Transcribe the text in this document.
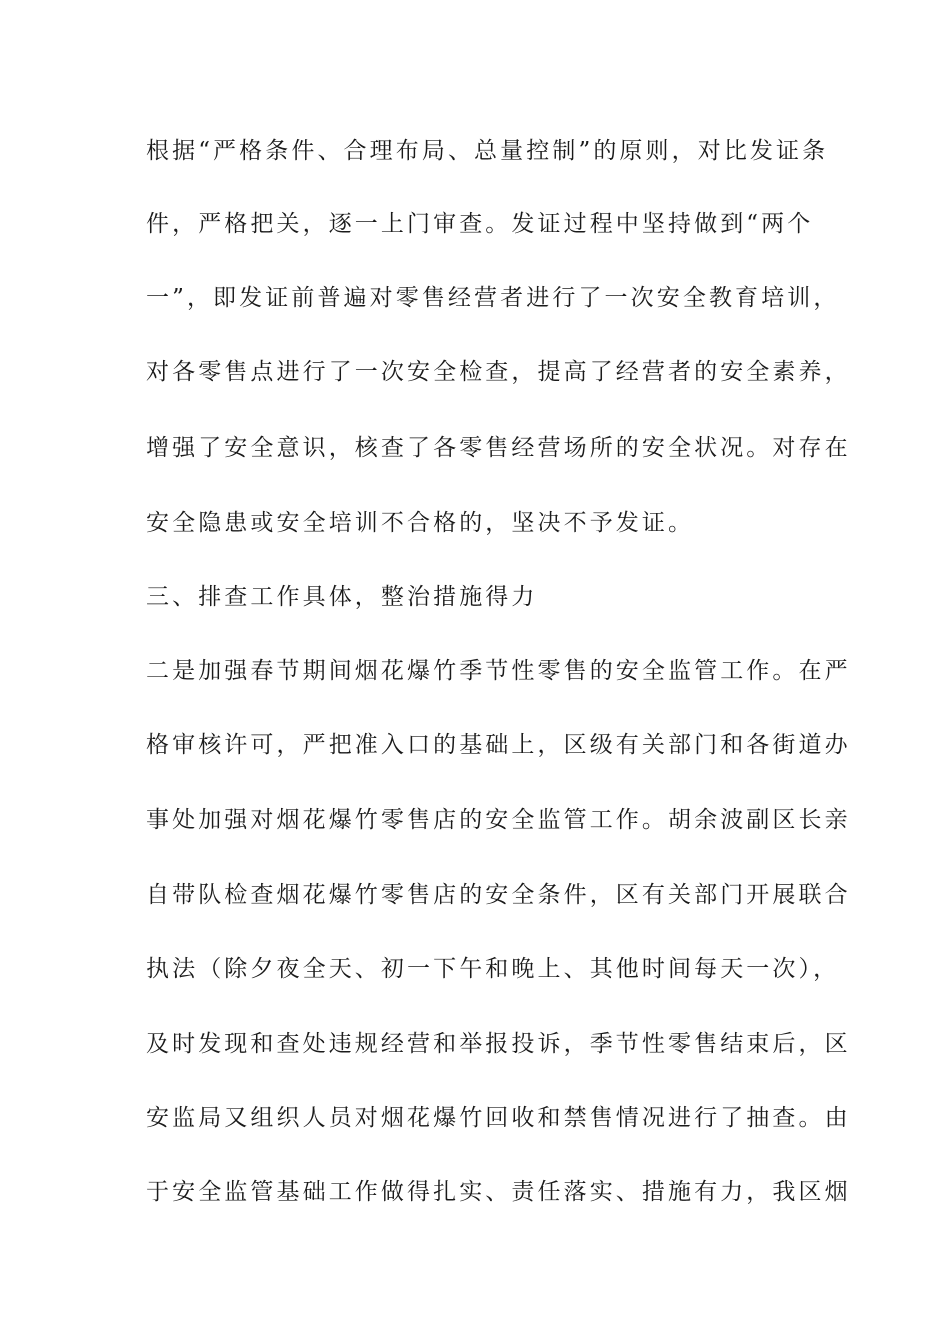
根据“严格条件、合理布局、总量控制”的原则，对比发证条
件，严格把关，逐一上门审查。发证过程中坚持做到“两个
一”，即发证前普遍对零售经营者进行了一次安全教育培训，
对各零售点进行了一次安全检查，提高了经营者的安全素养，
增强了安全意识，核查了各零售经营场所的安全状况。对存在
安全隐患或安全培训不合格的，坚决不予发证。
三、排查工作具体，整治措施得力
二是加强春节期间烟花爆竹季节性零售的安全监管工作。在严
格审核许可，严把准入口的基础上，区级有关部门和各街道办
事处加强对烟花爆竹零售店的安全监管工作。胡余波副区长亲
自带队检查烟花爆竹零售店的安全条件，区有关部门开展联合
执法（除夕夜全天、初一下午和晚上、其他时间每天一次），
及时发现和查处违规经营和举报投诉，季节性零售结束后，区
安监局又组织人员对烟花爆竹回收和禁售情况进行了抽查。由
于安全监管基础工作做得扎实、责任落实、措施有力，我区烟
